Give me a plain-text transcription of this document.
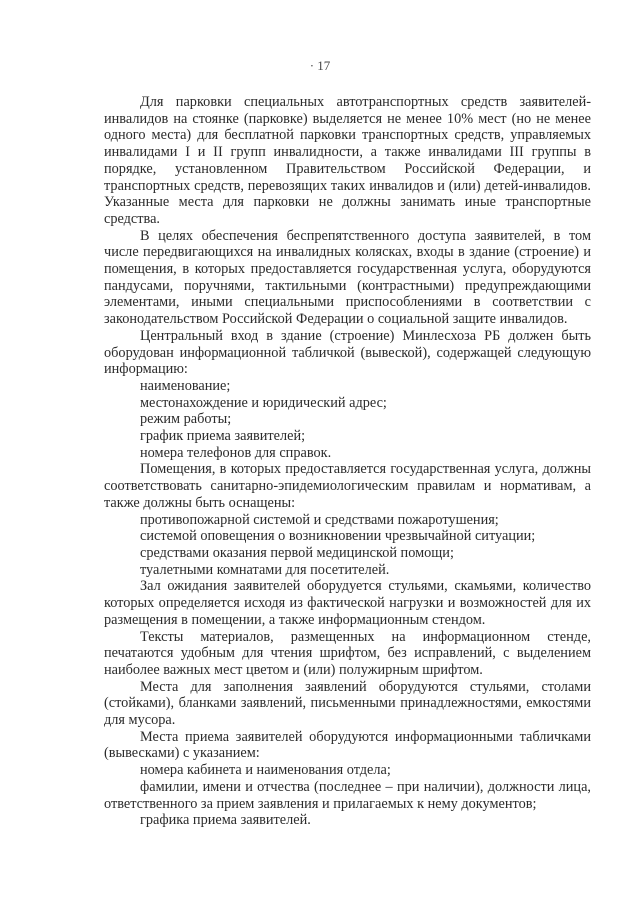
· 17

Для парковки специальных автотранспортных средств заявителей-инвалидов на стоянке (парковке) выделяется не менее 10% мест (но не менее одного места) для бесплатной парковки транспортных средств, управляемых инвалидами I и II групп инвалидности, а также инвалидами III группы в порядке, установленном Правительством Российской Федерации, и транспортных средств, перевозящих таких инвалидов и (или) детей-инвалидов. Указанные места для парковки не должны занимать иные транспортные средства.

В целях обеспечения беспрепятственного доступа заявителей, в том числе передвигающихся на инвалидных колясках, входы в здание (строение) и помещения, в которых предоставляется государственная услуга, оборудуются пандусами, поручнями, тактильными (контрастными) предупреждающими элементами, иными специальными приспособлениями в соответствии с законодательством Российской Федерации о социальной защите инвалидов.

Центральный вход в здание (строение) Минлесхоза РБ должен быть оборудован информационной табличкой (вывеской), содержащей следующую информацию:

наименование;

местонахождение и юридический адрес;

режим работы;

график приема заявителей;

номера телефонов для справок.

Помещения, в которых предоставляется государственная услуга, должны соответствовать санитарно-эпидемиологическим правилам и нормативам, а также должны быть оснащены:

противопожарной системой и средствами пожаротушения;

системой оповещения о возникновении чрезвычайной ситуации;

средствами оказания первой медицинской помощи;

туалетными комнатами для посетителей.

Зал ожидания заявителей оборудуется стульями, скамьями, количество которых определяется исходя из фактической нагрузки и возможностей для их размещения в помещении, а также информационным стендом.

Тексты материалов, размещенных на информационном стенде, печатаются удобным для чтения шрифтом, без исправлений, с выделением наиболее важных мест цветом и (или) полужирным шрифтом.

Места для заполнения заявлений оборудуются стульями, столами (стойками), бланками заявлений, письменными принадлежностями, емкостями для мусора.

Места приема заявителей оборудуются информационными табличками (вывесками) с указанием:

номера кабинета и наименования отдела;

фамилии, имени и отчества (последнее – при наличии), должности лица, ответственного за прием заявления и прилагаемых к нему документов;

графика приема заявителей.
